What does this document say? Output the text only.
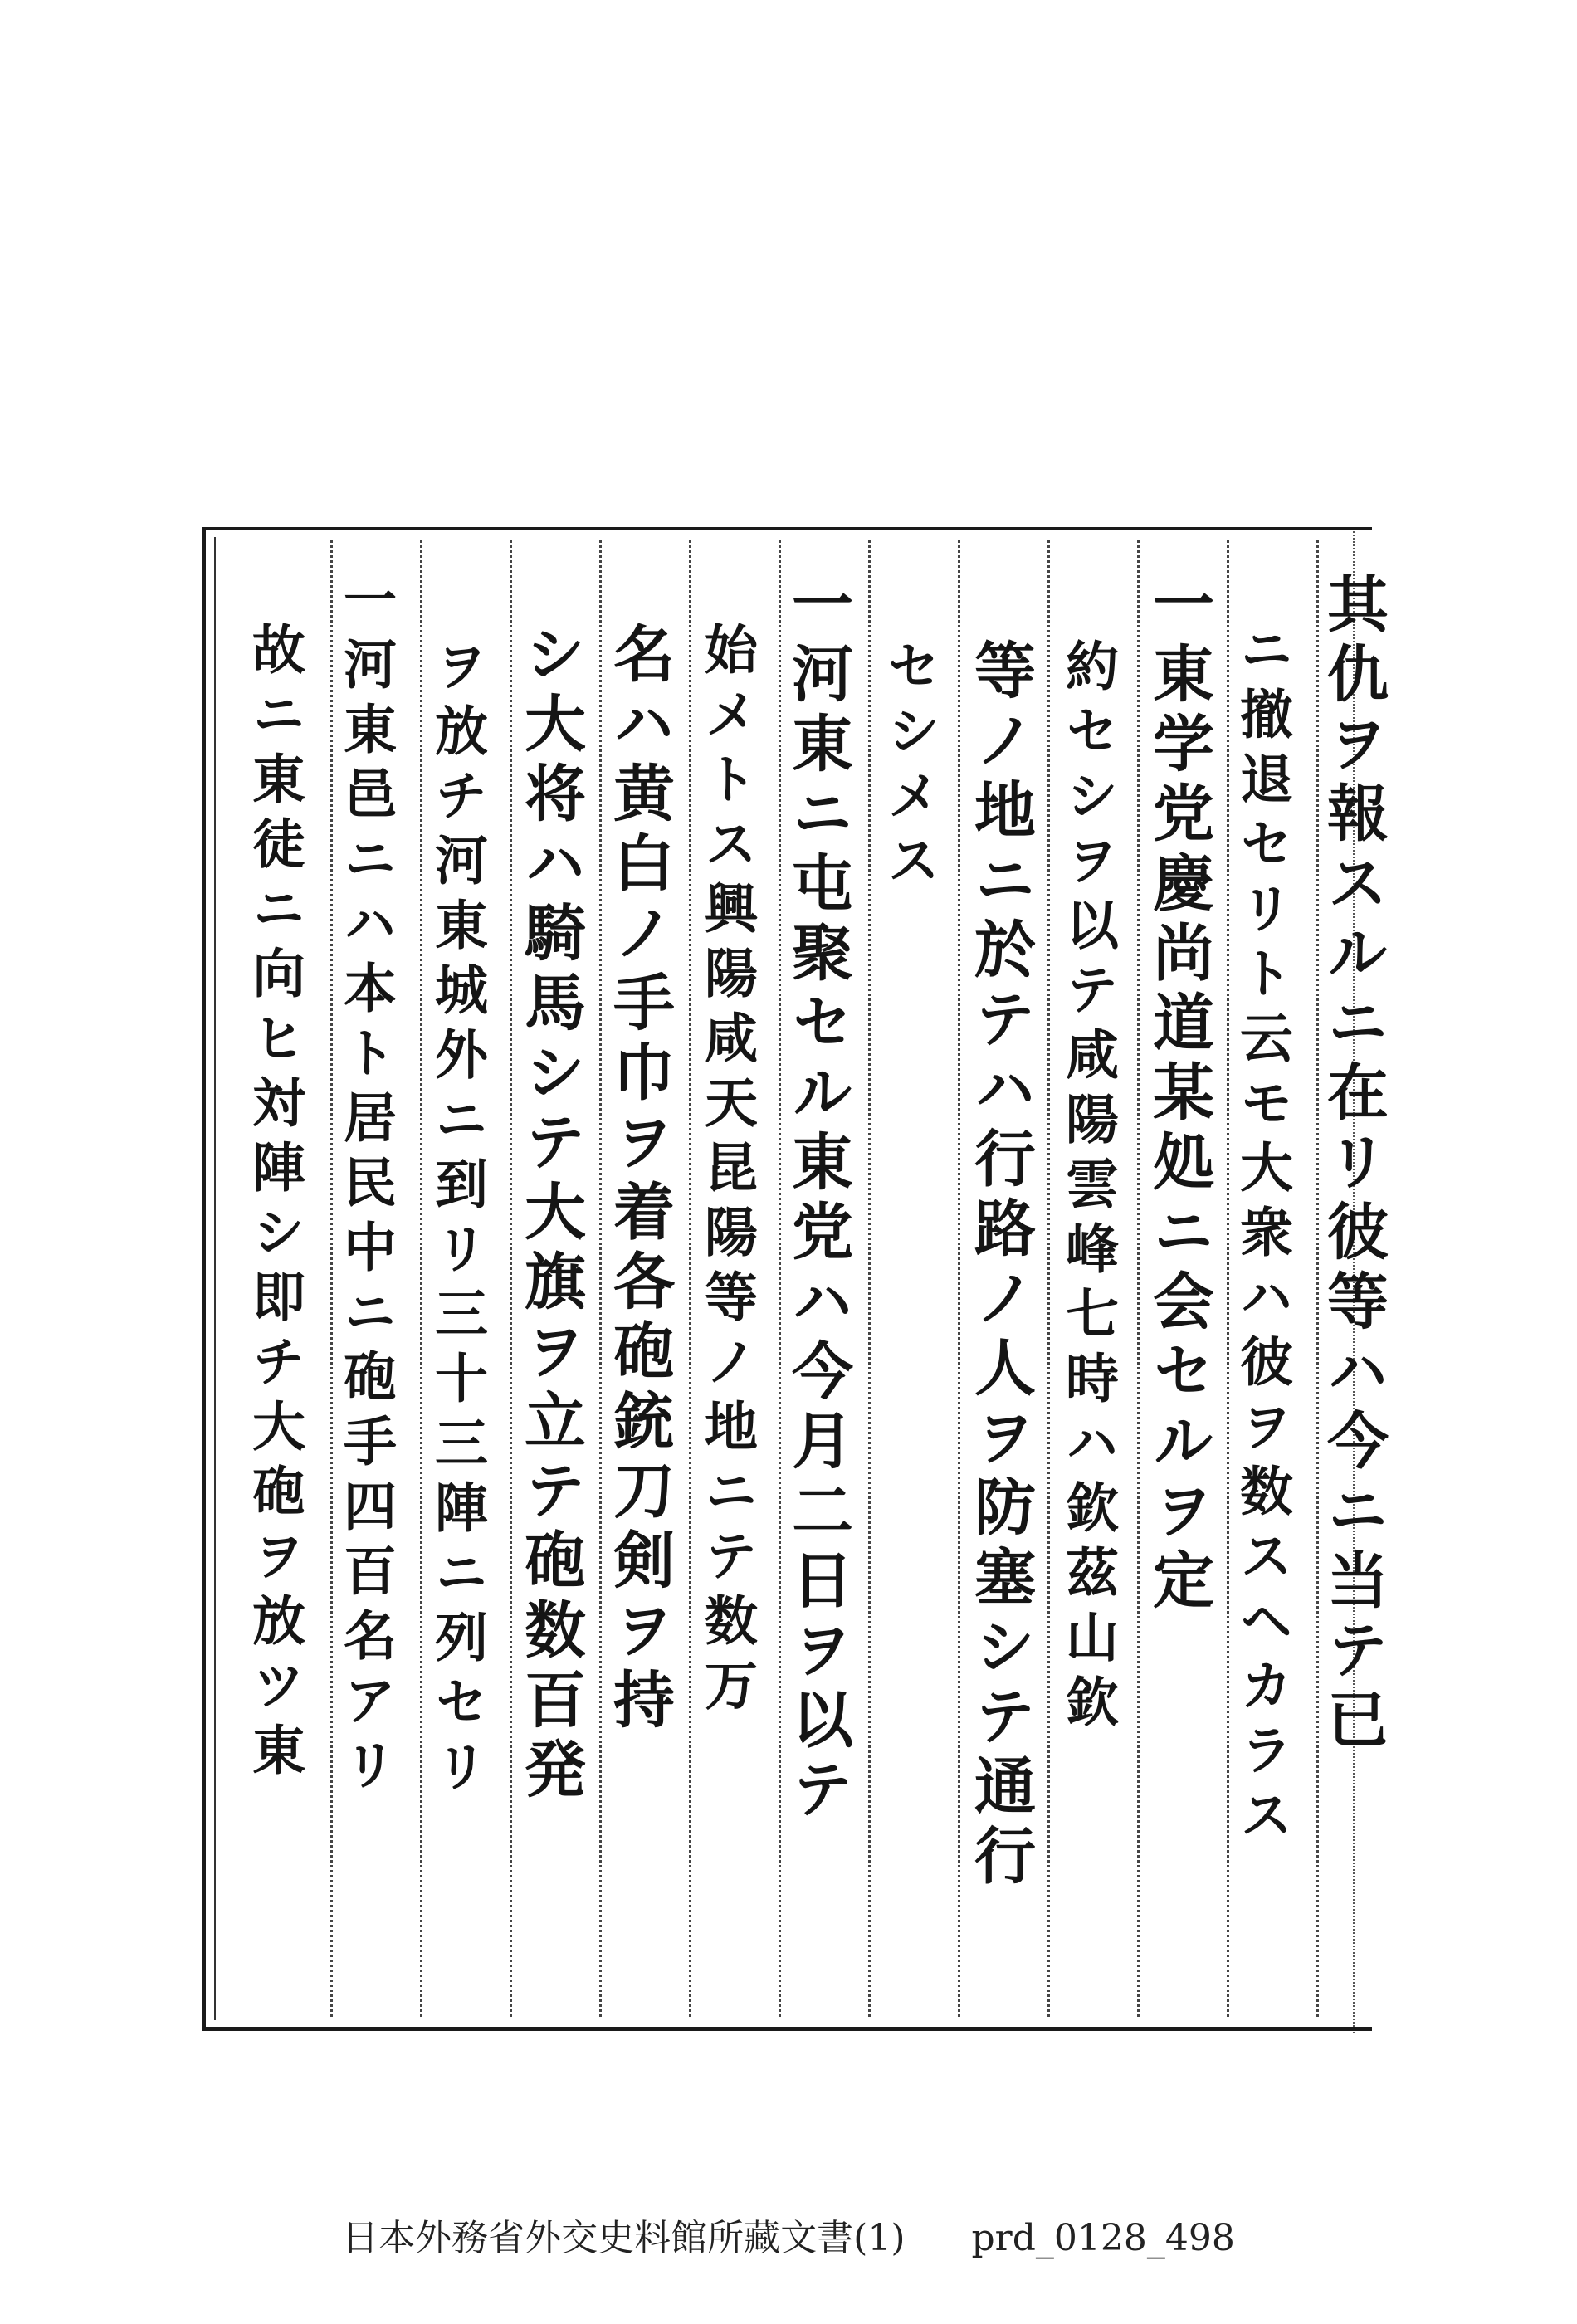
其仇ヲ報スルニ在リ彼等ハ今ニ当テ已
ニ撤退セリト云モ大衆ハ彼ヲ数スヘカラス
一東学党慶尚道某処ニ会セルヲ定
約セシヲ以テ咸陽雲峰七時ハ欽茲山欽
等ノ地ニ於テハ行路ノ人ヲ防塞シテ通行
セシメス
一河東ニ屯聚セル東党ハ今月二日ヲ以テ
始メトス興陽咸天昆陽等ノ地ニテ数万
名ハ黄白ノ手巾ヲ着各砲銃刀剣ヲ持
シ大将ハ騎馬シテ大旗ヲ立テ砲数百発
ヲ放チ河東城外ニ到リ三十三陣ニ列セリ
一河東邑ニハ本ト居民中ニ砲手四百名アリ
故ニ東徒ニ向ヒ対陣シ即チ大砲ヲ放ツ東
日本外務省外交史料館所藏文書(1) prd_0128_498
